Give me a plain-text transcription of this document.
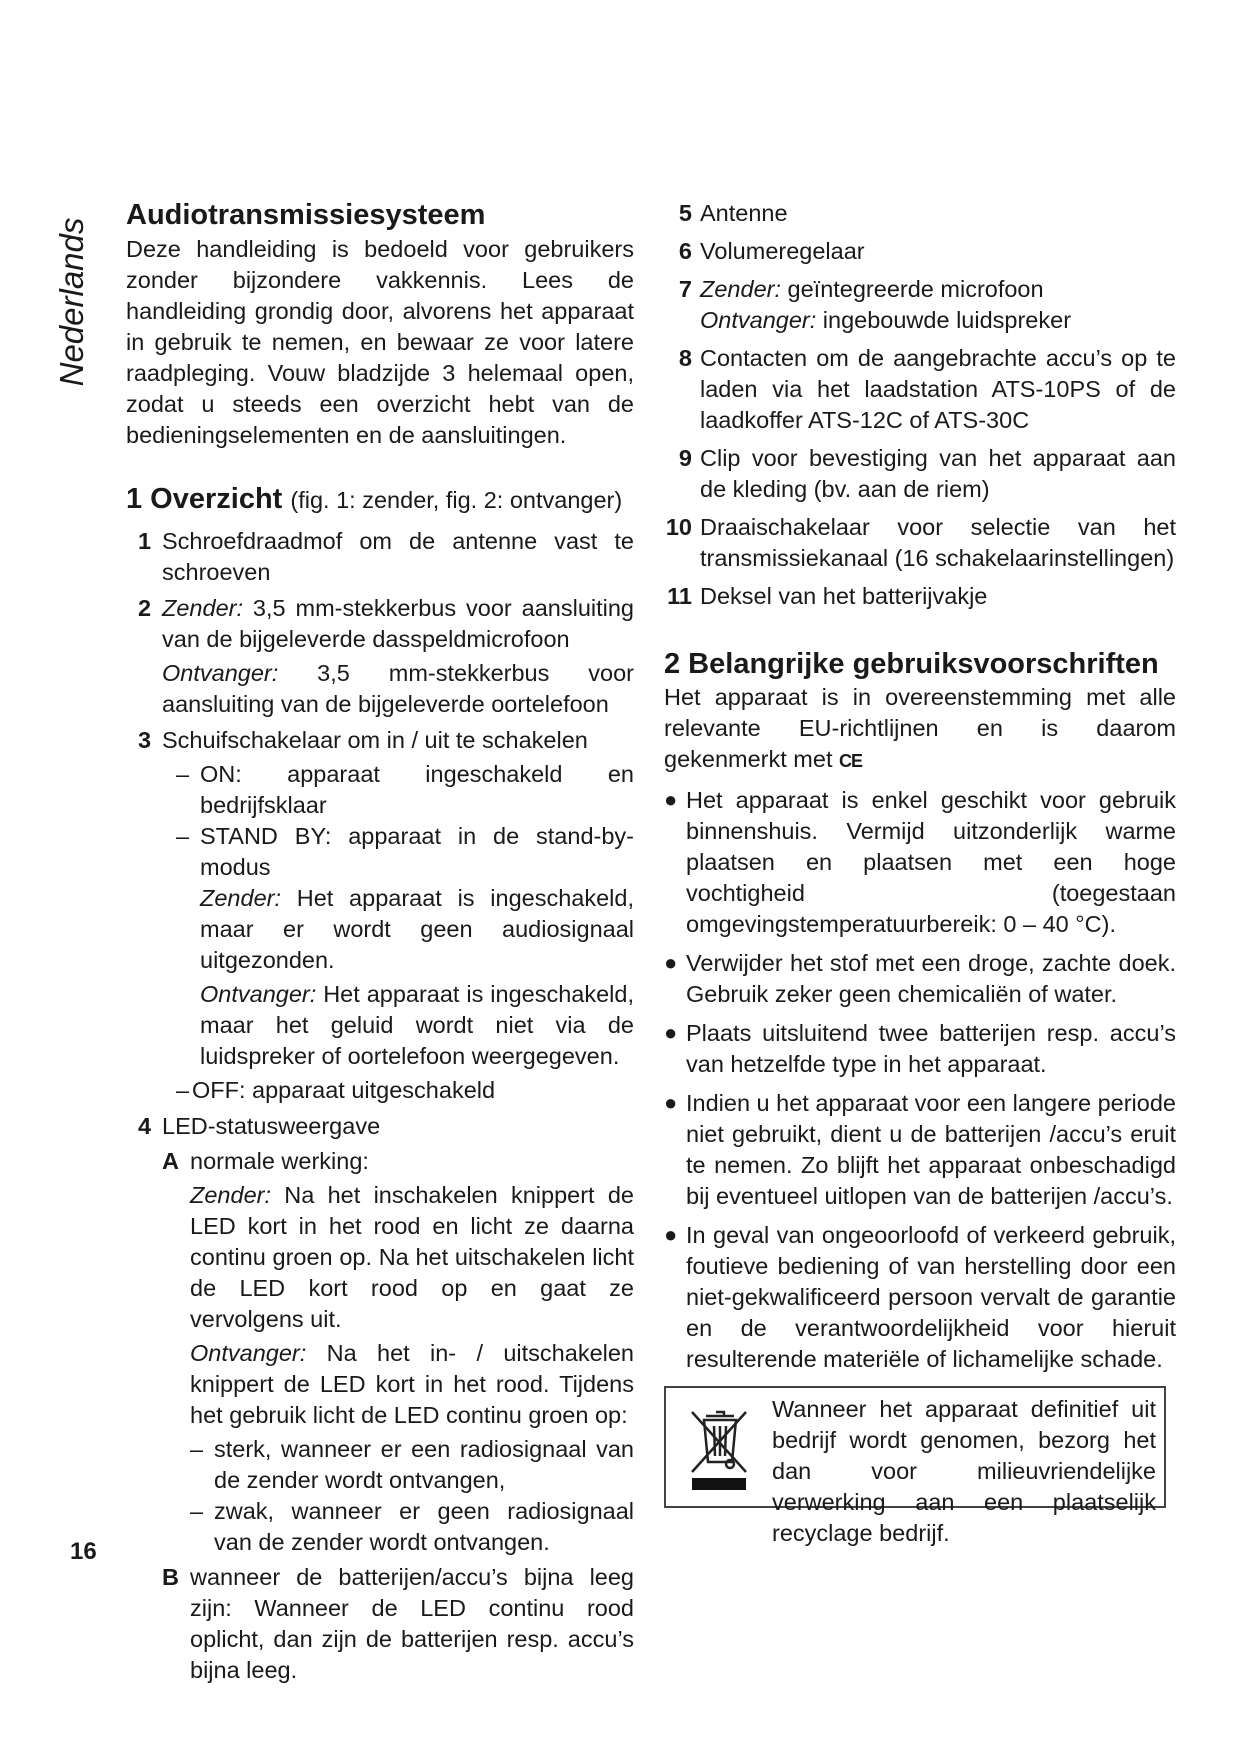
Nederlands
Audiotransmissiesysteem

Deze handleiding is bedoeld voor gebruikers zonder bijzondere vakkennis. Lees de handleiding grondig door, alvorens het apparaat in gebruik te nemen, en bewaar ze voor latere raadpleging. Vouw bladzijde 3 helemaal open, zodat u steeds een overzicht hebt van de bedieningselementen en de aansluitingen.

1 Overzicht (fig. 1: zender, fig. 2: ontvanger)
1 Schroefdraadmof om de antenne vast te schroeven

2 Zender: 3,5 mm-stekkerbus voor aansluiting van de bijgeleverde dasspeldmicrofoon

Ontvanger: 3,5 mm-stekkerbus voor aansluiting van de bijgeleverde oortelefoon

3 Schuifschakelaar om in / uit te schakelen

– ON: apparaat ingeschakeld en bedrijfsklaar
– STAND BY: apparaat in de stand-by-modus

Zender: Het apparaat is ingeschakeld, maar er wordt geen audiosignaal uitgezonden.

Ontvanger: Het apparaat is ingeschakeld, maar het geluid wordt niet via de luidspreker of oortelefoon weergegeven.

– OFF: apparaat uitgeschakeld
4 LED-statusweergave

A normale werking:

Zender: Na het inschakelen knippert de LED kort in het rood en licht ze daarna continu groen op. Na het uitschakelen licht de LED kort rood op en gaat ze vervolgens uit.

Ontvanger: Na het in- / uitschakelen knippert de LED kort in het rood. Tijdens het gebruik licht de LED continu groen op:

– sterk, wanneer er een radiosignaal van de zender wordt ontvangen,
– zwak, wanneer er geen radiosignaal van de zender wordt ontvangen.
B wanneer de batterijen/accu’s bijna leeg zijn: Wanneer de LED continu rood oplicht, dan zijn de batterijen resp. accu’s bijna leeg.

16
5 Antenne

6 Volumeregelaar

7 Zender: geïntegreerde microfoon

Ontvanger: ingebouwde luidspreker

8 Contacten om de aangebrachte accu’s op te laden via het laadstation ATS-10PS of de laadkoffer ATS-12C of ATS-30C

9 Clip voor bevestiging van het apparaat aan de kleding (bv. aan de riem)

10 Draaischakelaar voor selectie van het transmissiekanaal (16 schakelaarinstellingen)

11 Deksel van het batterijvakje

2 Belangrijke gebruiksvoorschriften

Het apparaat is in overeenstemming met alle relevante EU-richtlijnen en is daarom gekenmerkt met CE

● Het apparaat is enkel geschikt voor gebruik binnenshuis. Vermijd uitzonderlijk warme plaatsen en plaatsen met een hoge vochtigheid (toegestaan omgevingstemperatuurbereik: 0 – 40 °C).
● Verwijder het stof met een droge, zachte doek. Gebruik zeker geen chemicaliën of water.
● Plaats uitsluitend twee batterijen resp. accu’s van hetzelfde type in het apparaat.
● Indien u het apparaat voor een langere periode niet gebruikt, dient u de batterijen /accu’s eruit te nemen. Zo blijft het apparaat onbeschadigd bij eventueel uitlopen van de batterijen /accu’s.
● In geval van ongeoorloofd of verkeerd gebruik, foutieve bediening of van herstelling door een niet-gekwalificeerd persoon vervalt de garantie en de verantwoordelijkheid voor hieruit resulterende materiële of lichamelijke schade.
Wanneer het apparaat definitief uit bedrijf wordt genomen, bezorg het dan voor milieuvriendelijke verwerking aan een plaatselijk recyclage bedrijf.
